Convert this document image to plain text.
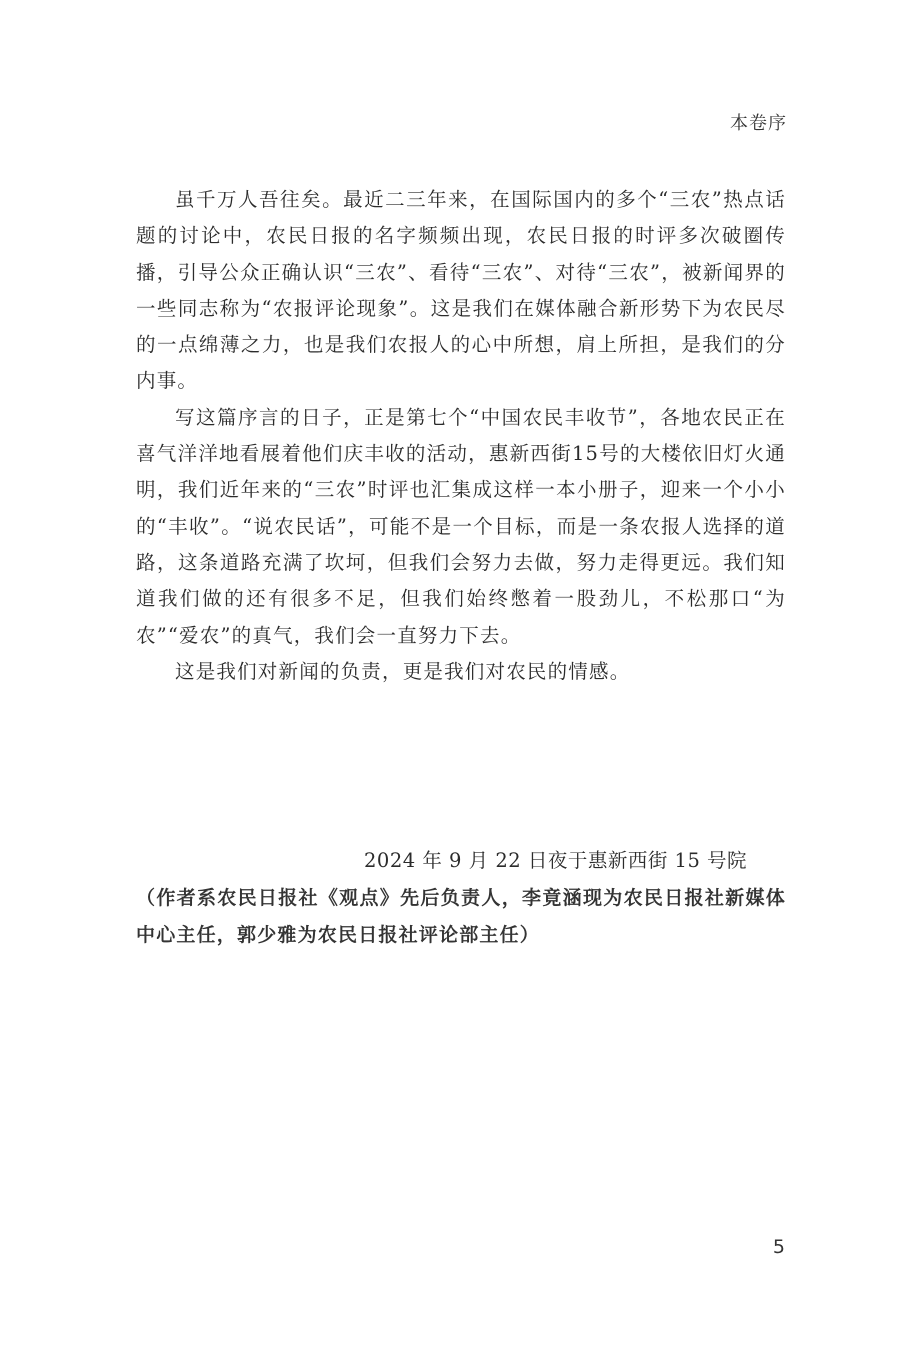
本卷序

虽千万人吾往矣。最近二三年来，在国际国内的多个“三农”热点话题的讨论中，农民日报的名字频频出现，农民日报的时评多次破圈传播，引导公众正确认识“三农”、看待“三农”、对待“三农”，被新闻界的一些同志称为“农报评论现象”。这是我们在媒体融合新形势下为农民尽的一点绵薄之力，也是我们农报人的心中所想，肩上所担，是我们的分内事。

写这篇序言的日子，正是第七个“中国农民丰收节”，各地农民正在喜气洋洋地看展着他们庆丰收的活动，惠新西街15号的大楼依旧灯火通明，我们近年来的“三农”时评也汇集成这样一本小册子，迎来一个小小的“丰收”。“说农民话”，可能不是一个目标，而是一条农报人选择的道路，这条道路充满了坎坷，但我们会努力去做，努力走得更远。我们知道我们做的还有很多不足，但我们始终憋着一股劲儿，不松那口“为农”“爱农”的真气，我们会一直努力下去。

这是我们对新闻的负责，更是我们对农民的情感。

2024 年 9 月 22 日夜于惠新西街 15 号院
（作者系农民日报社《观点》先后负责人，李竟涵现为农民日报社新媒体中心主任，郭少雅为农民日报社评论部主任）
5
